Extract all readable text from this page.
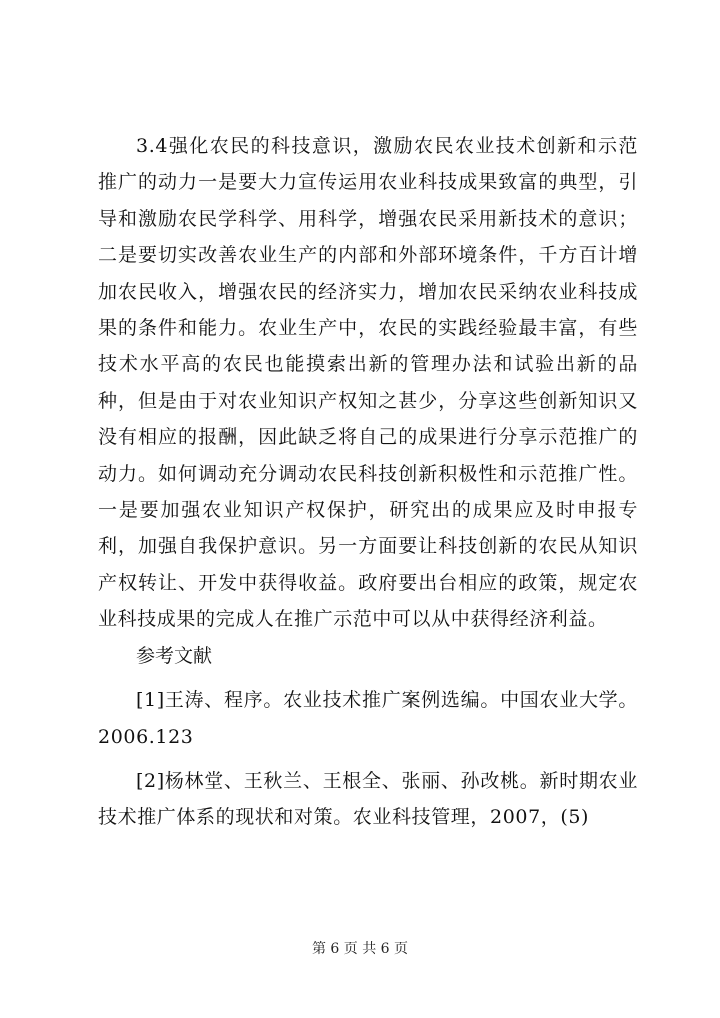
3.4强化农民的科技意识，激励农民农业技术创新和示范推广的动力一是要大力宣传运用农业科技成果致富的典型，引导和激励农民学科学、用科学，增强农民采用新技术的意识；二是要切实改善农业生产的内部和外部环境条件，千方百计增加农民收入，增强农民的经济实力，增加农民采纳农业科技成果的条件和能力。农业生产中，农民的实践经验最丰富，有些技术水平高的农民也能摸索出新的管理办法和试验出新的品种，但是由于对农业知识产权知之甚少，分享这些创新知识又没有相应的报酬，因此缺乏将自己的成果进行分享示范推广的动力。如何调动充分调动农民科技创新积极性和示范推广性。一是要加强农业知识产权保护，研究出的成果应及时申报专利，加强自我保护意识。另一方面要让科技创新的农民从知识产权转让、开发中获得收益。政府要出台相应的政策，规定农业科技成果的完成人在推广示范中可以从中获得经济利益。

参考文献

[1]王涛、程序。农业技术推广案例选编。中国农业大学。2006.123

[2]杨林堂、王秋兰、王根全、张丽、孙改桃。新时期农业技术推广体系的现状和对策。农业科技管理，2007，(5)

第 6 页 共 6 页
